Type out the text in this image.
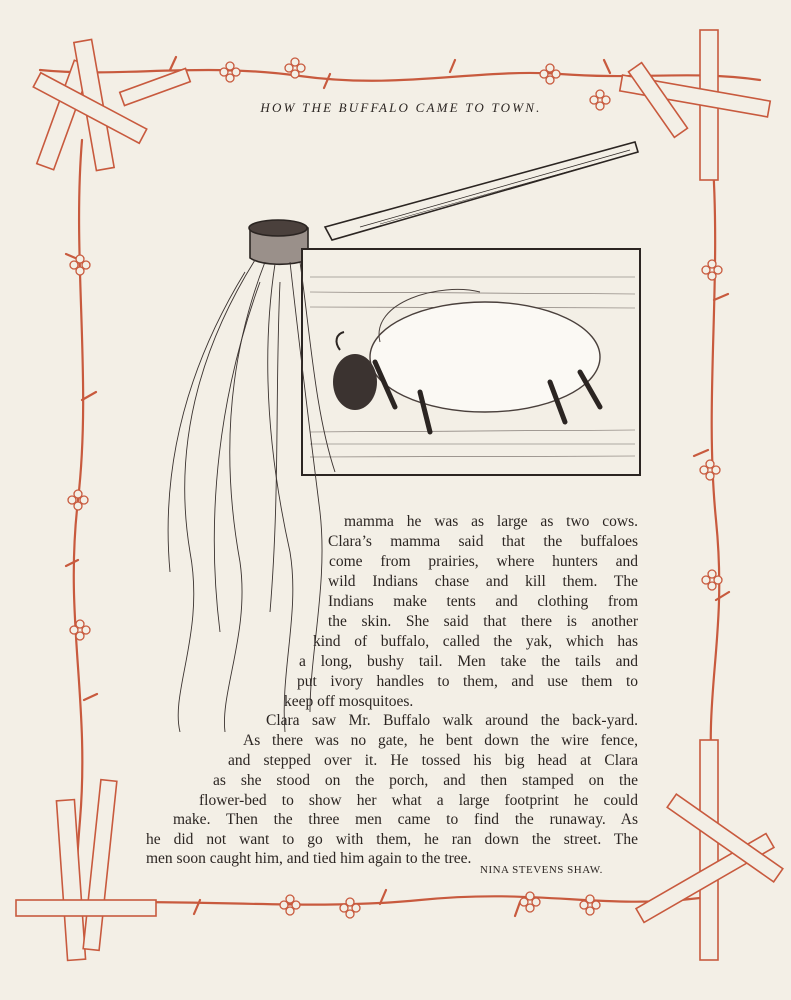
HOW THE BUFFALO CAME TO TOWN.
mamma he was as large as two cows.
Clara’s mamma said that the buffaloes
come from prairies, where hunters and
wild Indians chase and kill them. The
Indians make tents and clothing from
the skin. She said that there is another
kind of buffalo, called the yak, which has
a long, bushy tail. Men take the tails and
put ivory handles to them, and use them to
keep off mosquitoes.
Clara saw Mr. Buffalo walk around the back-yard.
As there was no gate, he bent down the wire fence,
and stepped over it. He tossed his big head at Clara
as she stood on the porch, and then stamped on the
flower-bed to show her what a large footprint he could
make. Then the three men came to find the runaway. As
he did not want to go with them, he ran down the street. The
men soon caught him, and tied him again to the tree.
NINA STEVENS SHAW.
